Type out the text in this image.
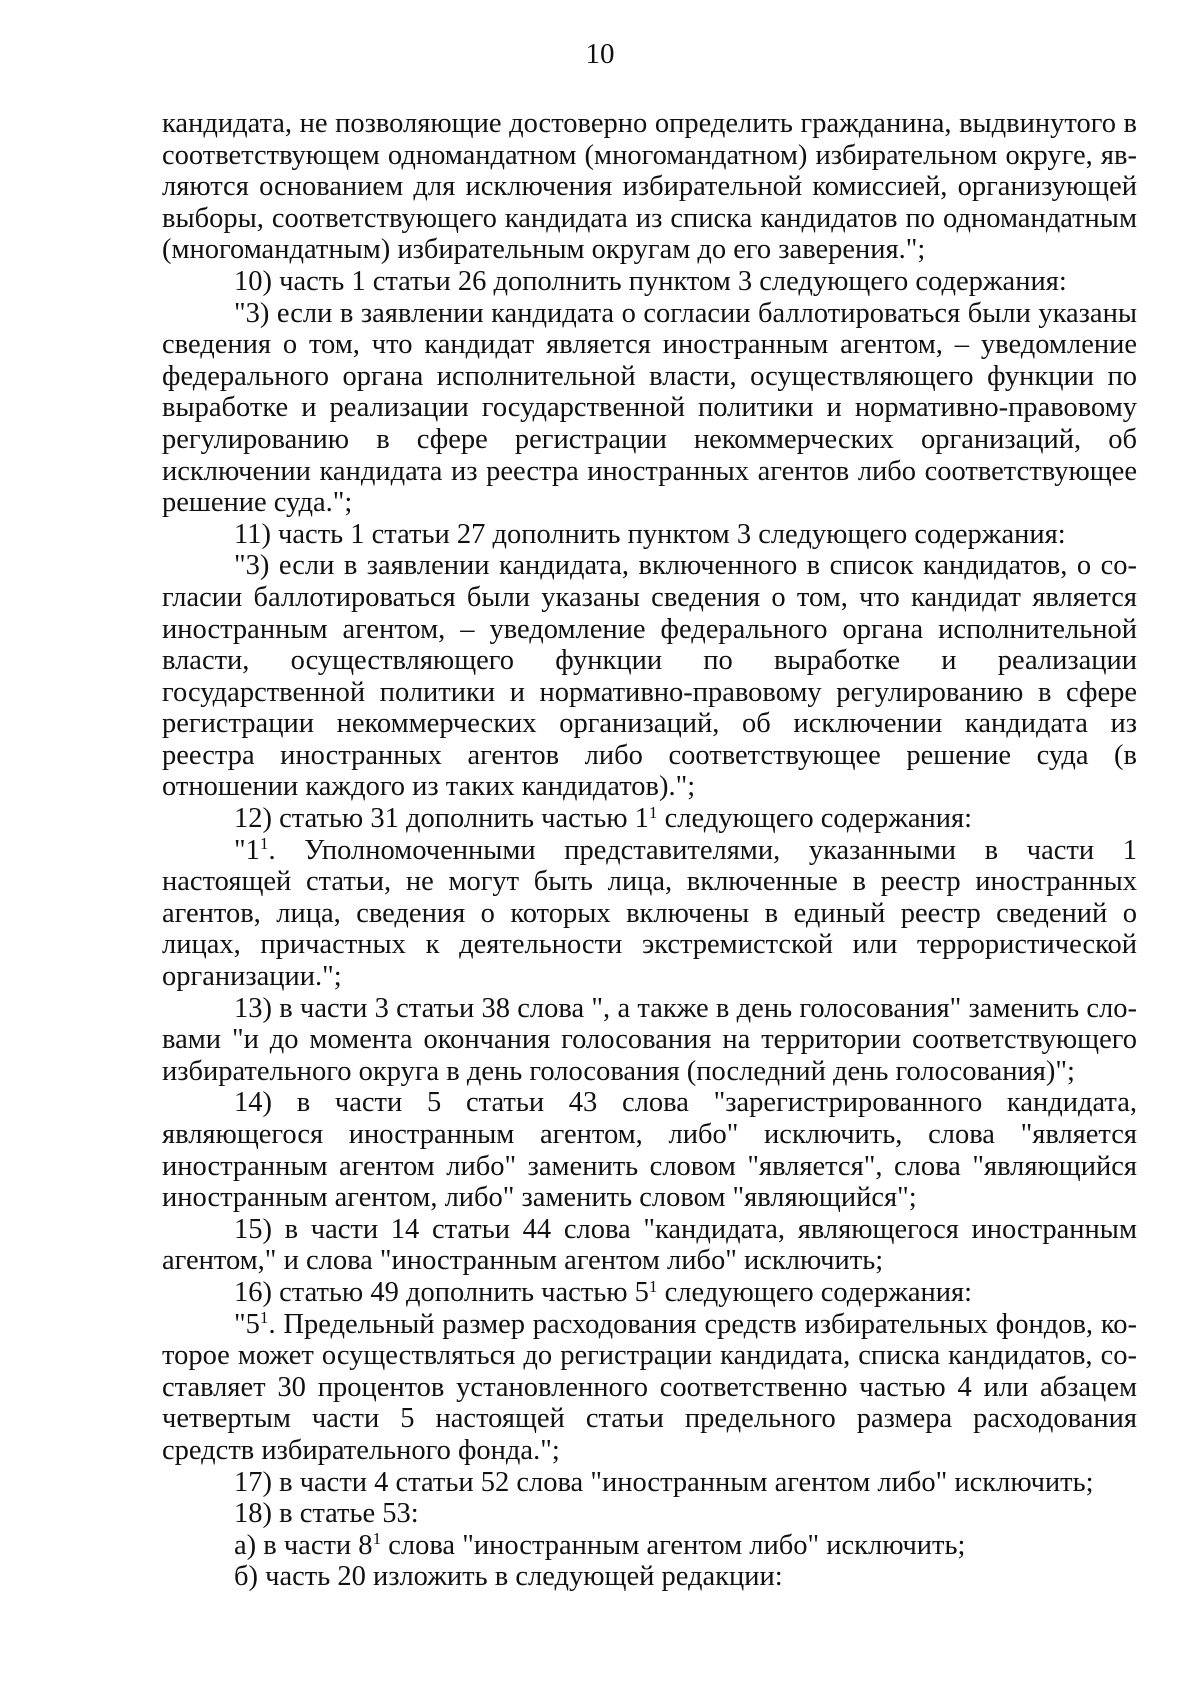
10

кандидата, не позволяющие достоверно определить гражданина, выдвинутого в соответствующем одномандатном (многомандатном) избирательном округе, являются основанием для исключения избирательной комиссией, организующей выборы, соответствующего кандидата из списка кандидатов по одномандатным (многомандатным) избирательным округам до его заверения.";

10) часть 1 статьи 26 дополнить пунктом 3 следующего содержания:

"3) если в заявлении кандидата о согласии баллотироваться были указаны сведения о том, что кандидат является иностранным агентом, – уведомление федерального органа исполнительной власти, осуществляющего функции по выработке и реализации государственной политики и нормативно-правовому регулированию в сфере регистрации некоммерческих организаций, об исключении кандидата из реестра иностранных агентов либо соответствующее решение суда.";

11) часть 1 статьи 27 дополнить пунктом 3 следующего содержания:

"3) если в заявлении кандидата, включенного в список кандидатов, о согласии баллотироваться были указаны сведения о том, что кандидат является иностранным агентом, – уведомление федерального органа исполнительной власти, осуществляющего функции по выработке и реализации государственной политики и нормативно-правовому регулированию в сфере регистрации некоммерческих организаций, об исключении кандидата из реестра иностранных агентов либо соответствующее решение суда (в отношении каждого из таких кандидатов).";

12) статью 31 дополнить частью $1^1$ следующего содержания:

"$1^1$. Уполномоченными представителями, указанными в части 1 настоящей статьи, не могут быть лица, включенные в реестр иностранных агентов, лица, сведения о которых включены в единый реестр сведений о лицах, причастных к деятельности экстремистской или террористической организации.";

13) в части 3 статьи 38 слова ", а также в день голосования" заменить словами "и до момента окончания голосования на территории соответствующего избирательного округа в день голосования (последний день голосования)";

14) в части 5 статьи 43 слова "зарегистрированного кандидата, являющегося иностранным агентом, либо" исключить, слова "является иностранным агентом либо" заменить словом "является", слова "являющийся иностранным агентом, либо" заменить словом "являющийся";

15) в части 14 статьи 44 слова "кандидата, являющегося иностранным агентом," и слова "иностранным агентом либо" исключить;

16) статью 49 дополнить частью $5^1$ следующего содержания:

"$5^1$. Предельный размер расходования средств избирательных фондов, которое может осуществляться до регистрации кандидата, списка кандидатов, составляет 30 процентов установленного соответственно частью 4 или абзацем четвертым части 5 настоящей статьи предельного размера расходования средств избирательного фонда.";

17) в части 4 статьи 52 слова "иностранным агентом либо" исключить;

18) в статье 53:

а) в части $8^1$ слова "иностранным агентом либо" исключить;

б) часть 20 изложить в следующей редакции:
